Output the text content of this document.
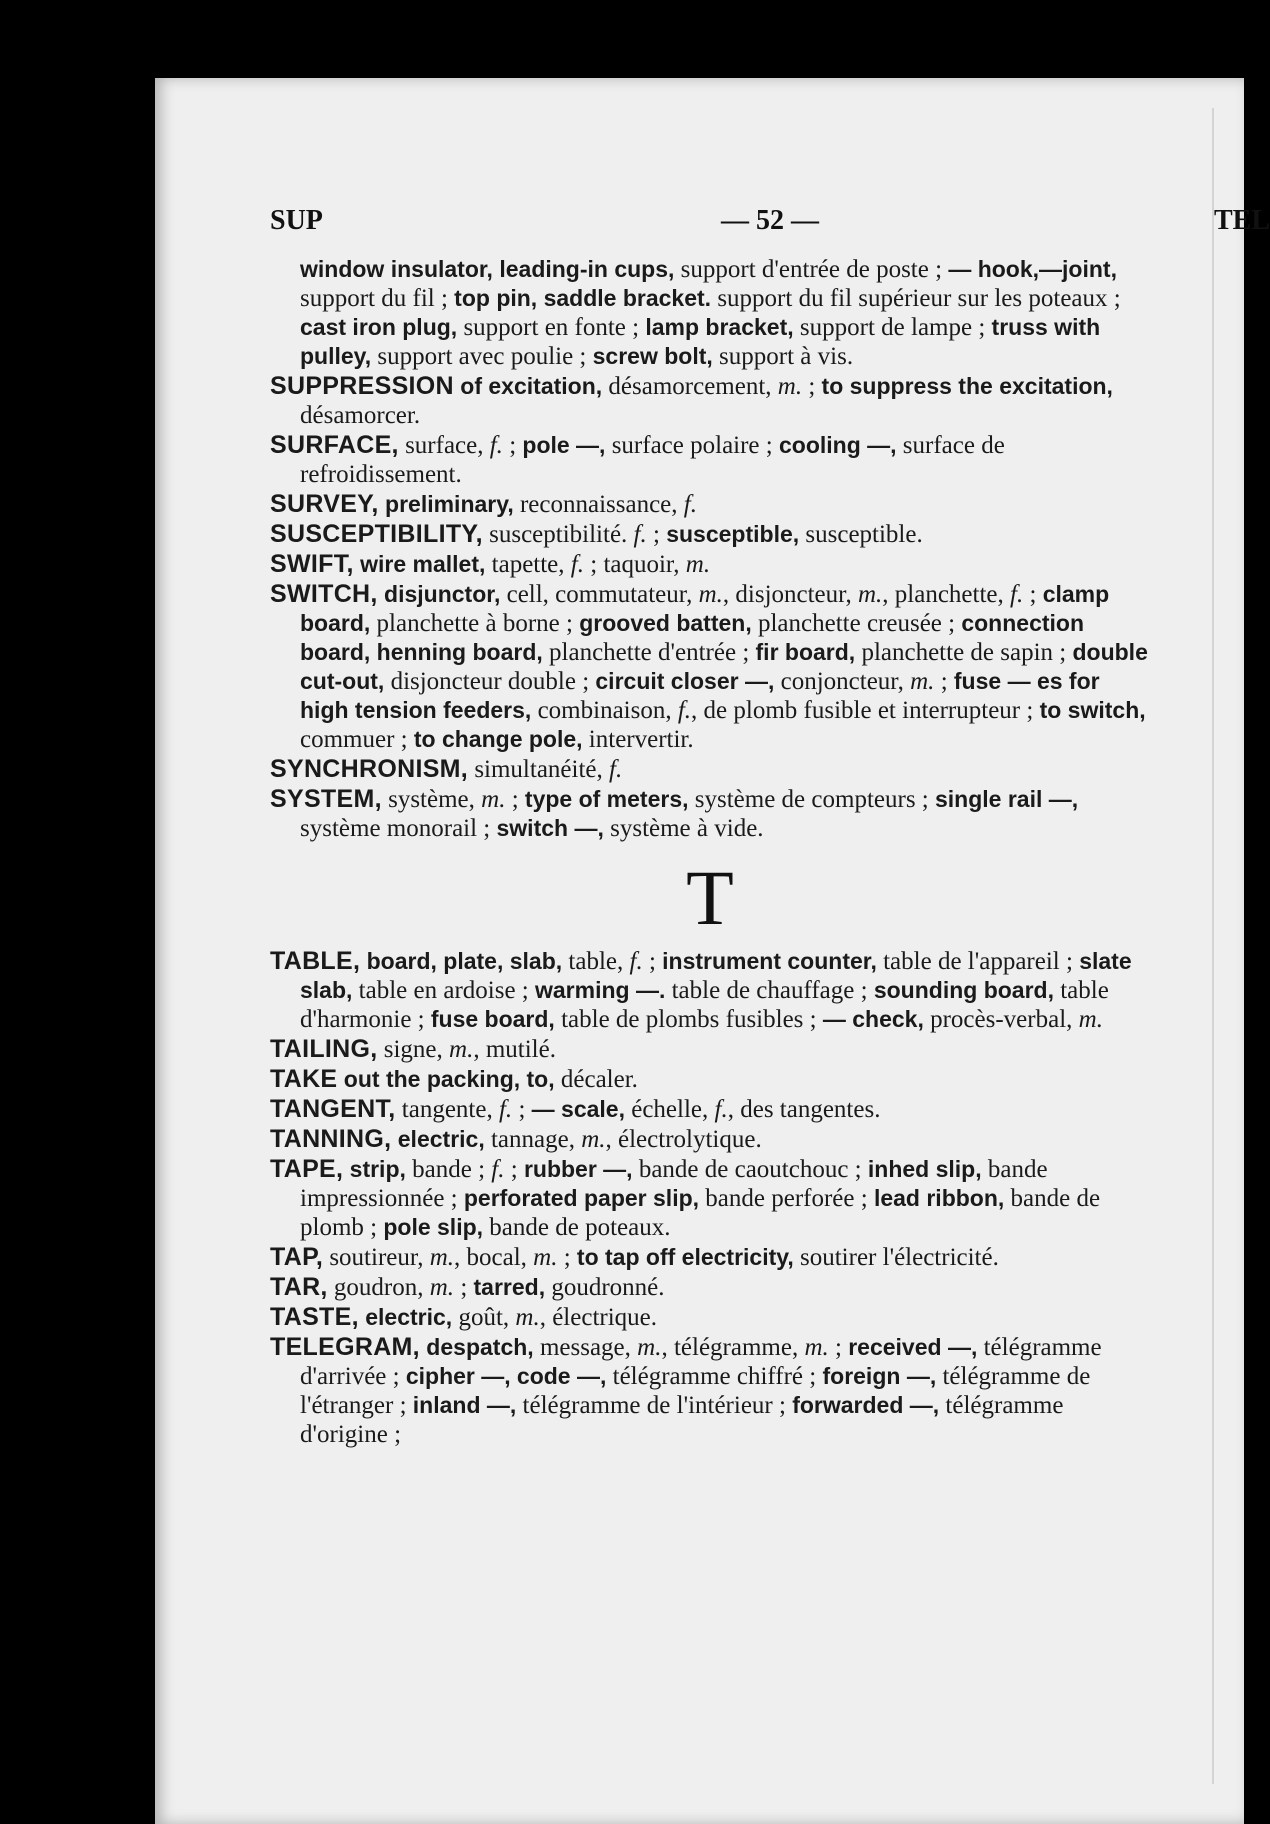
SUP	— 52 —	TEL

window insulator, leading-in cups, support d'entrée de poste ; — hook,—joint, support du fil ; top pin, saddle bracket. support du fil supérieur sur les poteaux ; cast iron plug, support en fonte ; lamp bracket, support de lampe ; truss with pulley, support avec poulie ; screw bolt, support à vis.

SUPPRESSION of excitation, désamorcement, m. ; to suppress the excitation, désamorcer.

SURFACE, surface, f. ; pole —, surface polaire ; cooling —, surface de refroidissement.

SURVEY, preliminary, reconnaissance, f.

SUSCEPTIBILITY, susceptibilité. f. ; susceptible, susceptible.

SWIFT, wire mallet, tapette, f. ; taquoir, m.

SWITCH, disjunctor, cell, commutateur, m., disjoncteur, m., planchette, f. ; clamp board, planchette à borne ; grooved batten, planchette creusée ; connection board, henning board, planchette d'entrée ; fir board, planchette de sapin ; double cut-out, disjoncteur double ; circuit closer —, conjoncteur, m. ; fuse — es for high tension feeders, combinaison, f., de plomb fusible et interrupteur ; to switch, commuer ; to change pole, intervertir.

SYNCHRONISM, simultanéité, f.

SYSTEM, système, m. ; type of meters, système de compteurs ; single rail —, système monorail ; switch —, système à vide.

T

TABLE, board, plate, slab, table, f. ; instrument counter, table de l'appareil ; slate slab, table en ardoise ; warming —. table de chauffage ; sounding board, table d'harmonie ; fuse board, table de plombs fusibles ; — check, procès-verbal, m.

TAILING, signe, m., mutilé.

TAKE out the packing, to, décaler.

TANGENT, tangente, f. ; — scale, échelle, f., des tangentes.

TANNING, electric, tannage, m., électrolytique.

TAPE, strip, bande ; f. ; rubber —, bande de caoutchouc ; inhed slip, bande impressionnée ; perforated paper slip, bande perforée ; lead ribbon, bande de plomb ; pole slip, bande de poteaux.

TAP, soutireur, m., bocal, m. ; to tap off electricity, soutirer l'électricité.

TAR, goudron, m. ; tarred, goudronné.

TASTE, electric, goût, m., électrique.

TELEGRAM, despatch, message, m., télégramme, m. ; received —, télégramme d'arrivée ; cipher —, code —, télégramme chiffré ; foreign —, télégramme de l'étranger ; inland —, télégramme de l'intérieur ; forwarded —, télégramme d'origine ;
